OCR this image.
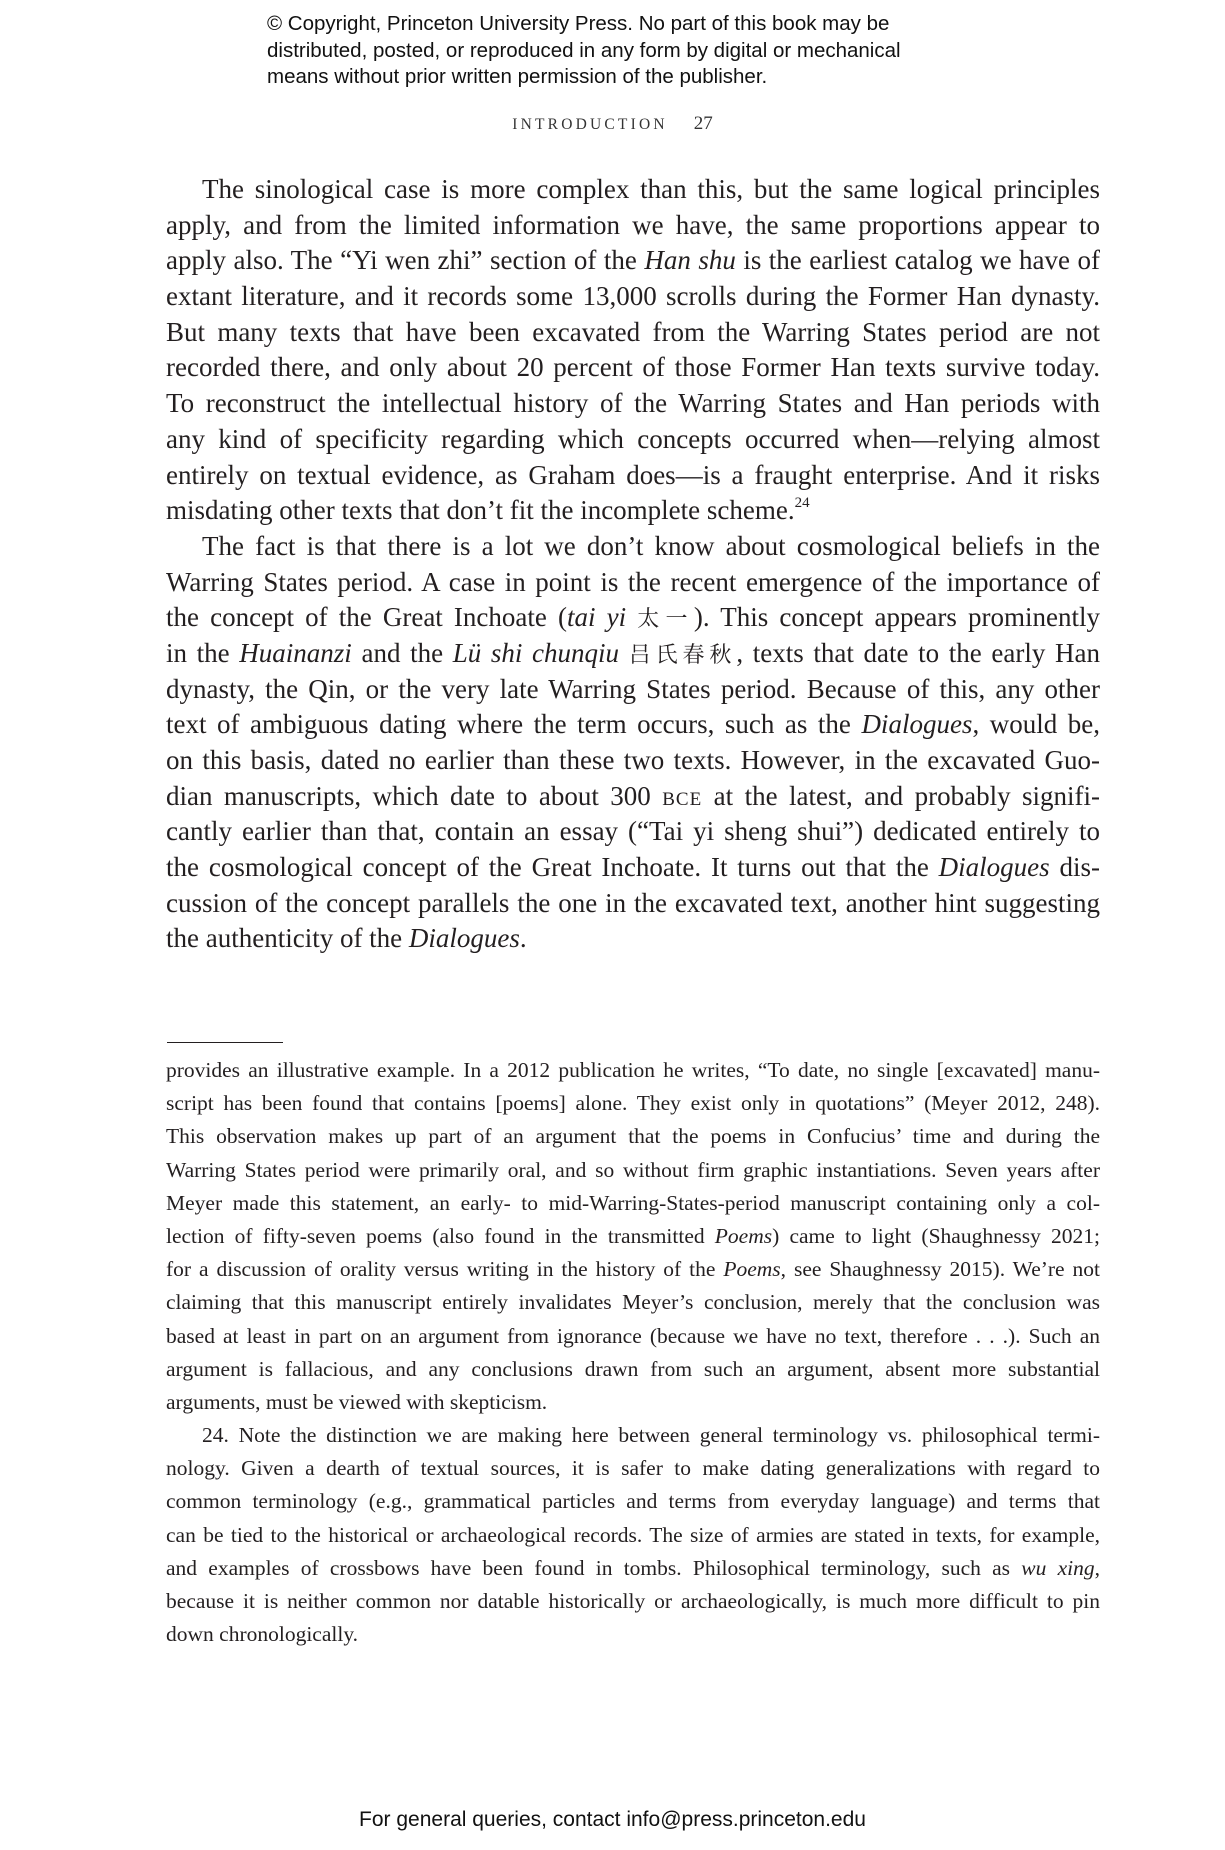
© Copyright, Princeton University Press. No part of this book may be
distributed, posted, or reproduced in any form by digital or mechanical
means without prior written permission of the publisher.
INTRODUCTION 27
The sinological case is more complex than this, but the same logical principles
apply, and from the limited information we have, the same proportions appear to
apply also. The “Yi wen zhi” section of the Han shu is the earliest catalog we have of
extant literature, and it records some 13,000 scrolls during the Former Han dynasty.
But many texts that have been excavated from the Warring States period are not
recorded there, and only about 20 percent of those Former Han texts survive today.
To reconstruct the intellectual history of the Warring States and Han periods with
any kind of specificity regarding which concepts occurred when—relying almost
entirely on textual evidence, as Graham does—is a fraught enterprise. And it risks
misdating other texts that don’t fit the incomplete scheme.$^{24}$
The fact is that there is a lot we don’t know about cosmological beliefs in the
Warring States period. A case in point is the recent emergence of the importance of
the concept of the Great Inchoate (tai yi 太一). This concept appears prominently
in the Huainanzi and the Lü shi chunqiu 吕氏春秋, texts that date to the early Han
dynasty, the Qin, or the very late Warring States period. Because of this, any other
text of ambiguous dating where the term occurs, such as the Dialogues, would be,
on this basis, dated no earlier than these two texts. However, in the excavated Guo-
dian manuscripts, which date to about 300 bce at the latest, and probably signifi-
cantly earlier than that, contain an essay (“Tai yi sheng shui”) dedicated entirely to
the cosmological concept of the Great Inchoate. It turns out that the Dialogues dis-
cussion of the concept parallels the one in the excavated text, another hint suggesting
the authenticity of the Dialogues.
provides an illustrative example. In a 2012 publication he writes, “To date, no single [excavated] manu-
script has been found that contains [poems] alone. They exist only in quotations” (Meyer 2012, 248).
This observation makes up part of an argument that the poems in Confucius’ time and during the
Warring States period were primarily oral, and so without firm graphic instantiations. Seven years after
Meyer made this statement, an early- to mid-Warring-States-period manuscript containing only a col-
lection of fifty-seven poems (also found in the transmitted Poems) came to light (Shaughnessy 2021;
for a discussion of orality versus writing in the history of the Poems, see Shaughnessy 2015). We’re not
claiming that this manuscript entirely invalidates Meyer’s conclusion, merely that the conclusion was
based at least in part on an argument from ignorance (because we have no text, therefore . . .). Such an
argument is fallacious, and any conclusions drawn from such an argument, absent more substantial
arguments, must be viewed with skepticism.
24. Note the distinction we are making here between general terminology vs. philosophical termi-
nology. Given a dearth of textual sources, it is safer to make dating generalizations with regard to
common terminology (e.g., grammatical particles and terms from everyday language) and terms that
can be tied to the historical or archaeological records. The size of armies are stated in texts, for example,
and examples of crossbows have been found in tombs. Philosophical terminology, such as wu xing,
because it is neither common nor datable historically or archaeologically, is much more difficult to pin
down chronologically.
For general queries, contact info@press.princeton.edu
